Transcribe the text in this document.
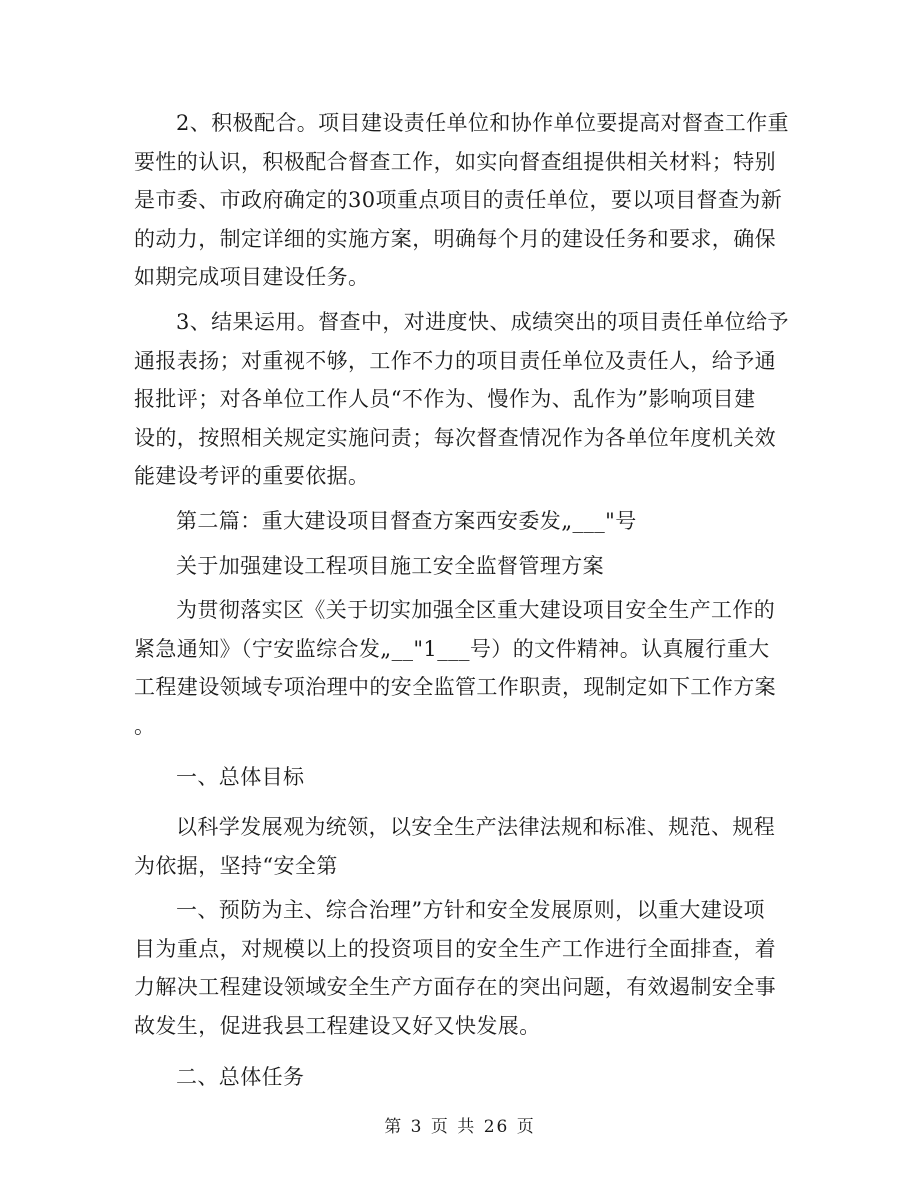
2、积极配合。项目建设责任单位和协作单位要提高对督查工作重
要性的认识，积极配合督查工作，如实向督查组提供相关材料；特别
是市委、市政府确定的30项重点项目的责任单位，要以项目督查为新
的动力，制定详细的实施方案，明确每个月的建设任务和要求，确保
如期完成项目建设任务。
3、结果运用。督查中，对进度快、成绩突出的项目责任单位给予
通报表扬；对重视不够，工作不力的项目责任单位及责任人，给予通
报批评；对各单位工作人员“不作为、慢作为、乱作为”影响项目建
设的，按照相关规定实施问责；每次督查情况作为各单位年度机关效
能建设考评的重要依据。
第二篇：重大建设项目督查方案西安委发„___"号
关于加强建设工程项目施工安全监督管理方案
为贯彻落实区《关于切实加强全区重大建设项目安全生产工作的
紧急通知》（宁安监综合发„__"1___号）的文件精神。认真履行重大
工程建设领域专项治理中的安全监管工作职责，现制定如下工作方案
。
一、总体目标
以科学发展观为统领，以安全生产法律法规和标准、规范、规程
为依据，坚持“安全第
一、预防为主、综合治理”方针和安全发展原则，以重大建设项
目为重点，对规模以上的投资项目的安全生产工作进行全面排查，着
力解决工程建设领域安全生产方面存在的突出问题，有效遏制安全事
故发生，促进我县工程建设又好又快发展。
二、总体任务
第 3 页 共 26 页
